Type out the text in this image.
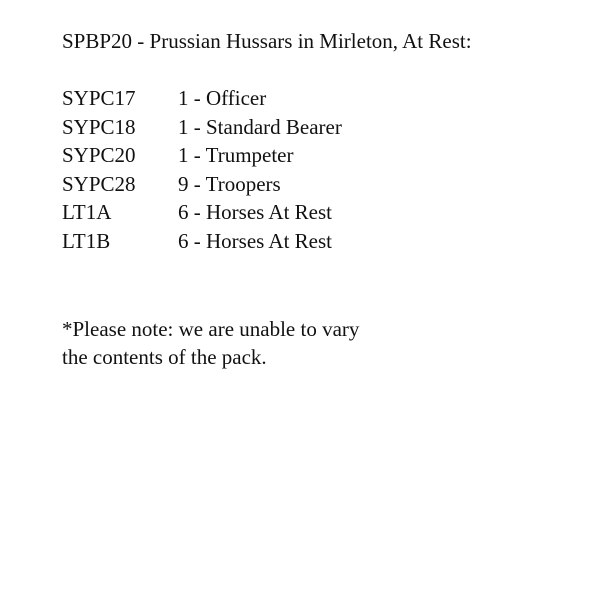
SPBP20 - Prussian Hussars in Mirleton, At Rest:
SYPC17	1 - Officer
SYPC18	1 - Standard Bearer
SYPC20	1 - Trumpeter
SYPC28	9 - Troopers
LT1A	6 - Horses At Rest
LT1B	6 - Horses At Rest
*Please note: we are unable to vary
the contents of the pack.
